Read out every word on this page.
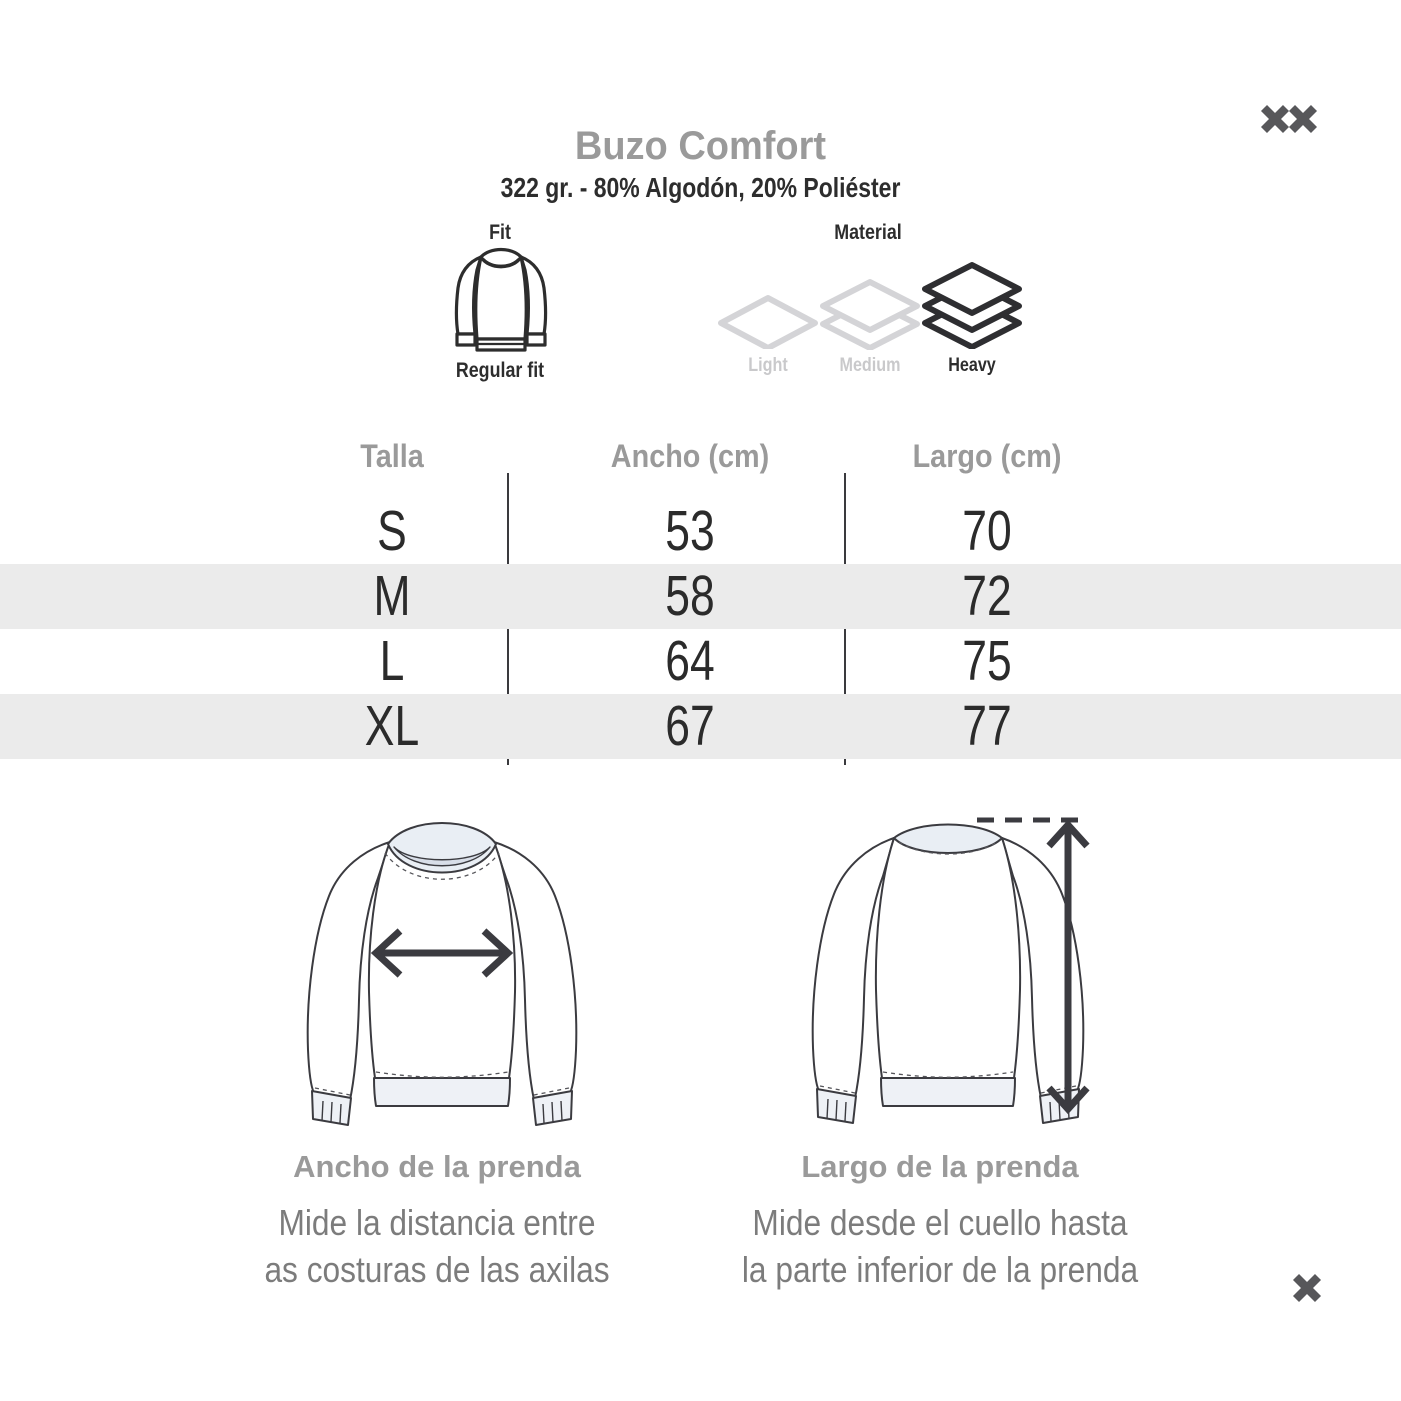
Buzo Comfort
322 gr. - 80% Algodón, 20% Poliéster
Fit
Regular fit
Material
Light	Medium	Heavy
Talla	Ancho (cm)	Largo (cm)
S	53	70
M	58	72
L	64	75
XL	67	77
Ancho de la prenda	Largo de la prenda
Mide la distancia entre
as costuras de las axilas
Mide desde el cuello hasta
la parte inferior de la prenda
